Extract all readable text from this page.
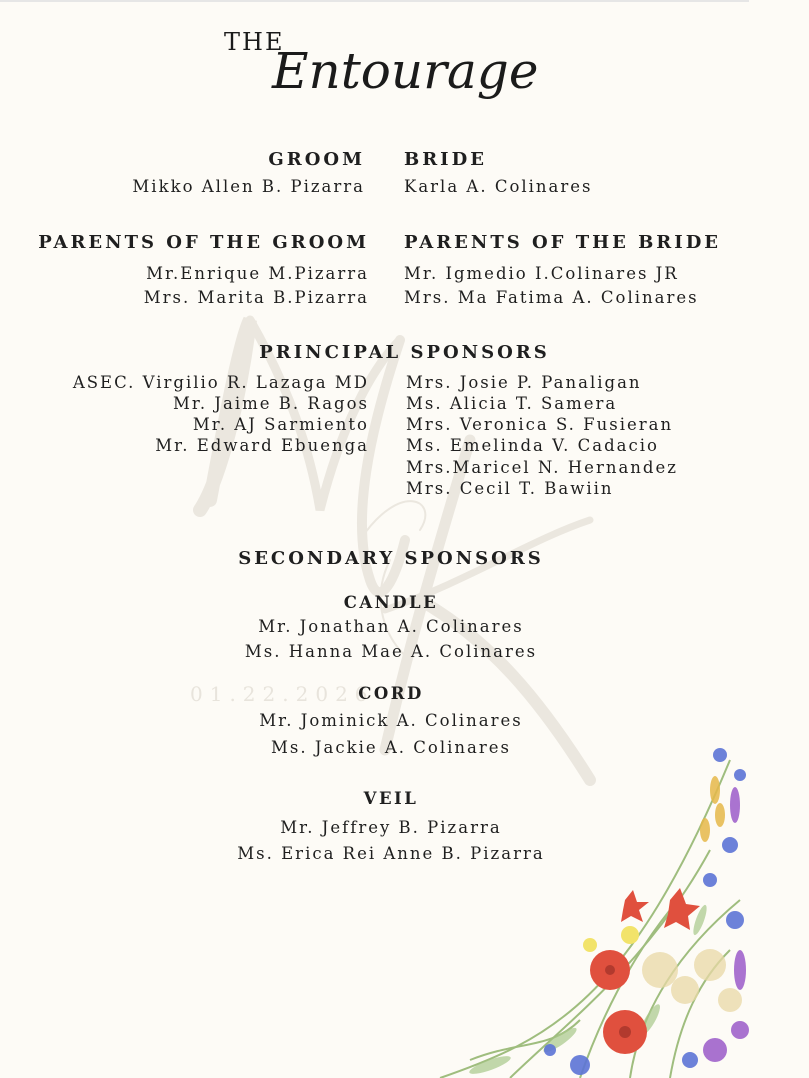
01.22.2026
THE
Entourage
GROOM
Mikko Allen B. Pizarra
BRIDE
Karla A. Colinares
PARENTS OF THE GROOM
Mr.Enrique M.Pizarra
Mrs. Marita B.Pizarra
PARENTS OF THE BRIDE
Mr. Igmedio I.Colinares JR
Mrs. Ma Fatima A. Colinares
PRINCIPAL SPONSORS
ASEC. Virgilio R. Lazaga MD
Mr. Jaime B. Ragos
Mr. AJ Sarmiento
Mr. Edward Ebuenga
Mrs. Josie P. Panaligan
Ms. Alicia T. Samera
Mrs. Veronica S. Fusieran
Ms. Emelinda V. Cadacio
Mrs.Maricel N. Hernandez
Mrs. Cecil T. Bawiin
SECONDARY SPONSORS
CANDLE
Mr. Jonathan A. Colinares
Ms. Hanna Mae A. Colinares
CORD
Mr. Jominick A. Colinares
Ms. Jackie A. Colinares
VEIL
Mr. Jeffrey B. Pizarra
Ms. Erica Rei Anne B. Pizarra
